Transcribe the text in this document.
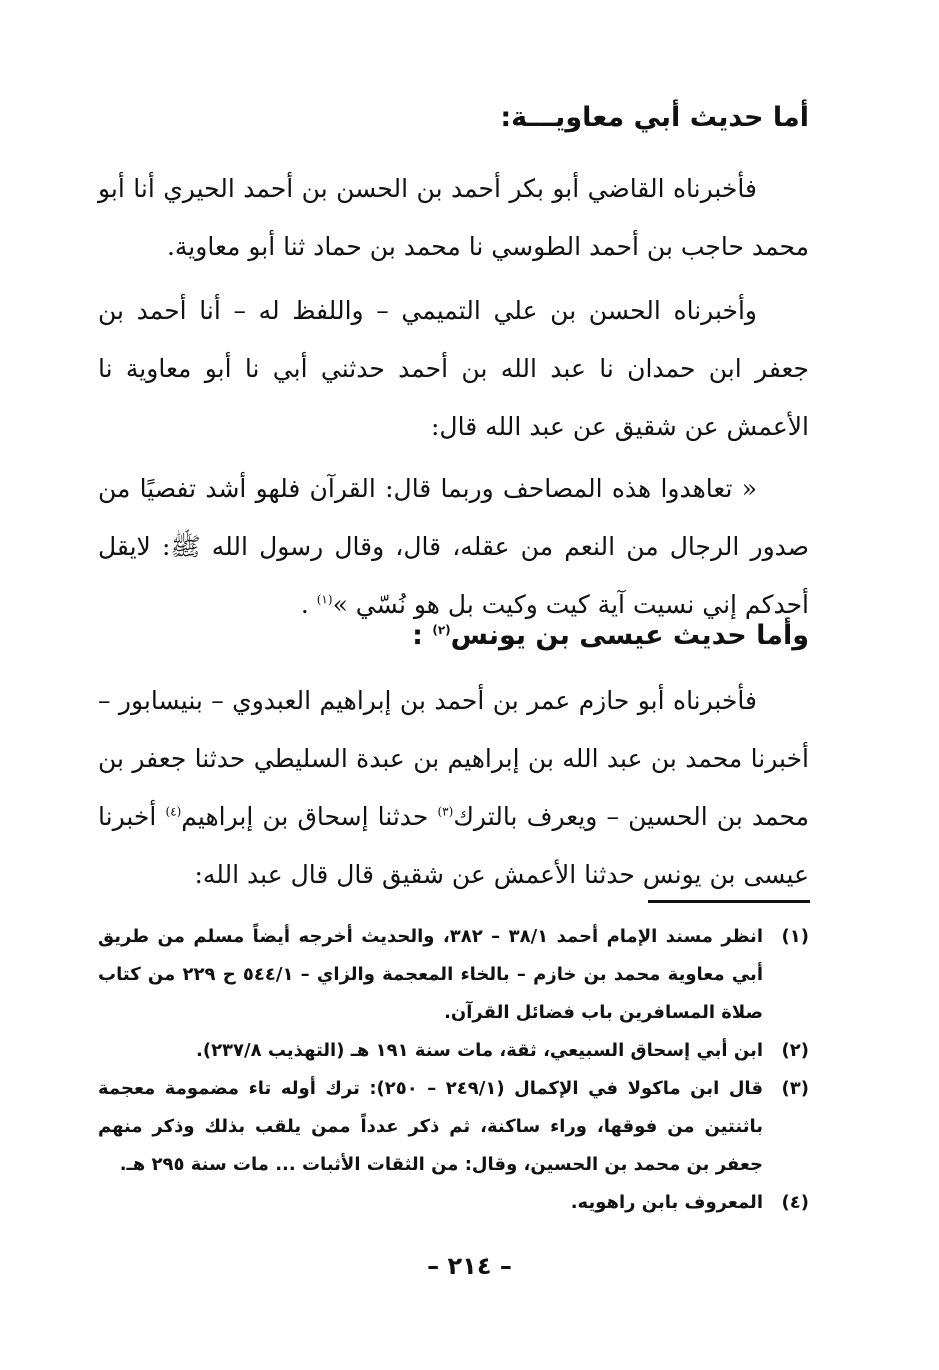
أما حديث أبي معاويـــة:

فأخبرناه القاضي أبو بكر أحمد بن الحسن بن أحمد الحيري أنا أبو محمد حاجب بن أحمد الطوسي نا محمد بن حماد ثنا أبو معاوية.

وأخبرناه الحسن بن علي التميمي – واللفظ له – أنا أحمد بن جعفر ابن حمدان نا عبد الله بن أحمد حدثني أبي نا أبو معاوية نا الأعمش عن شقيق عن عبد الله قال:

« تعاهدوا هذه المصاحف وربما قال: القرآن فلهو أشد تفصيًا من صدور الرجال من النعم من عقله، قال، وقال رسول الله ﷺ: لايقل أحدكم إني نسيت آية كيت وكيت بل هو نُسّي »$^{(١)}$ .

وأما حديث عيسى بن يونس$^{(٢)}$ :

فأخبرناه أبو حازم عمر بن أحمد بن إبراهيم العبدوي – بنيسابور – أخبرنا محمد بن عبد الله بن إبراهيم بن عبدة السليطي حدثنا جعفر بن محمد بن الحسين – ويعرف بالترك$^{(٣)}$ حدثنا إسحاق بن إبراهيم$^{(٤)}$ أخبرنا عيسى بن يونس حدثنا الأعمش عن شقيق قال قال عبد الله:

(١)
انظر مسند الإمام أحمد ٣٨/١ – ٣٨٢، والحديث أخرجه أيضاً مسلم من طريق أبي معاوية محمد بن خازم – بالخاء المعجمة والزاي – ٥٤٤/١ ح ٢٢٩ من كتاب صلاة المسافرين باب فضائل القرآن.
(٢)
ابن أبي إسحاق السبيعي، ثقة، مات سنة ١٩١ هـ (التهذيب ٢٣٧/٨).
(٣)
قال ابن ماكولا في الإكمال (٢٤٩/١ – ٢٥٠): ترك أوله تاء مضمومة معجمة باثنتين من فوقها، وراء ساكنة، ثم ذكر عدداً ممن يلقب بذلك وذكر منهم جعفر بن محمد بن الحسين، وقال: من الثقات الأثبات ... مات سنة ٢٩٥ هـ.
(٤)
المعروف بابن راهويه.
– ٢١٤ –
